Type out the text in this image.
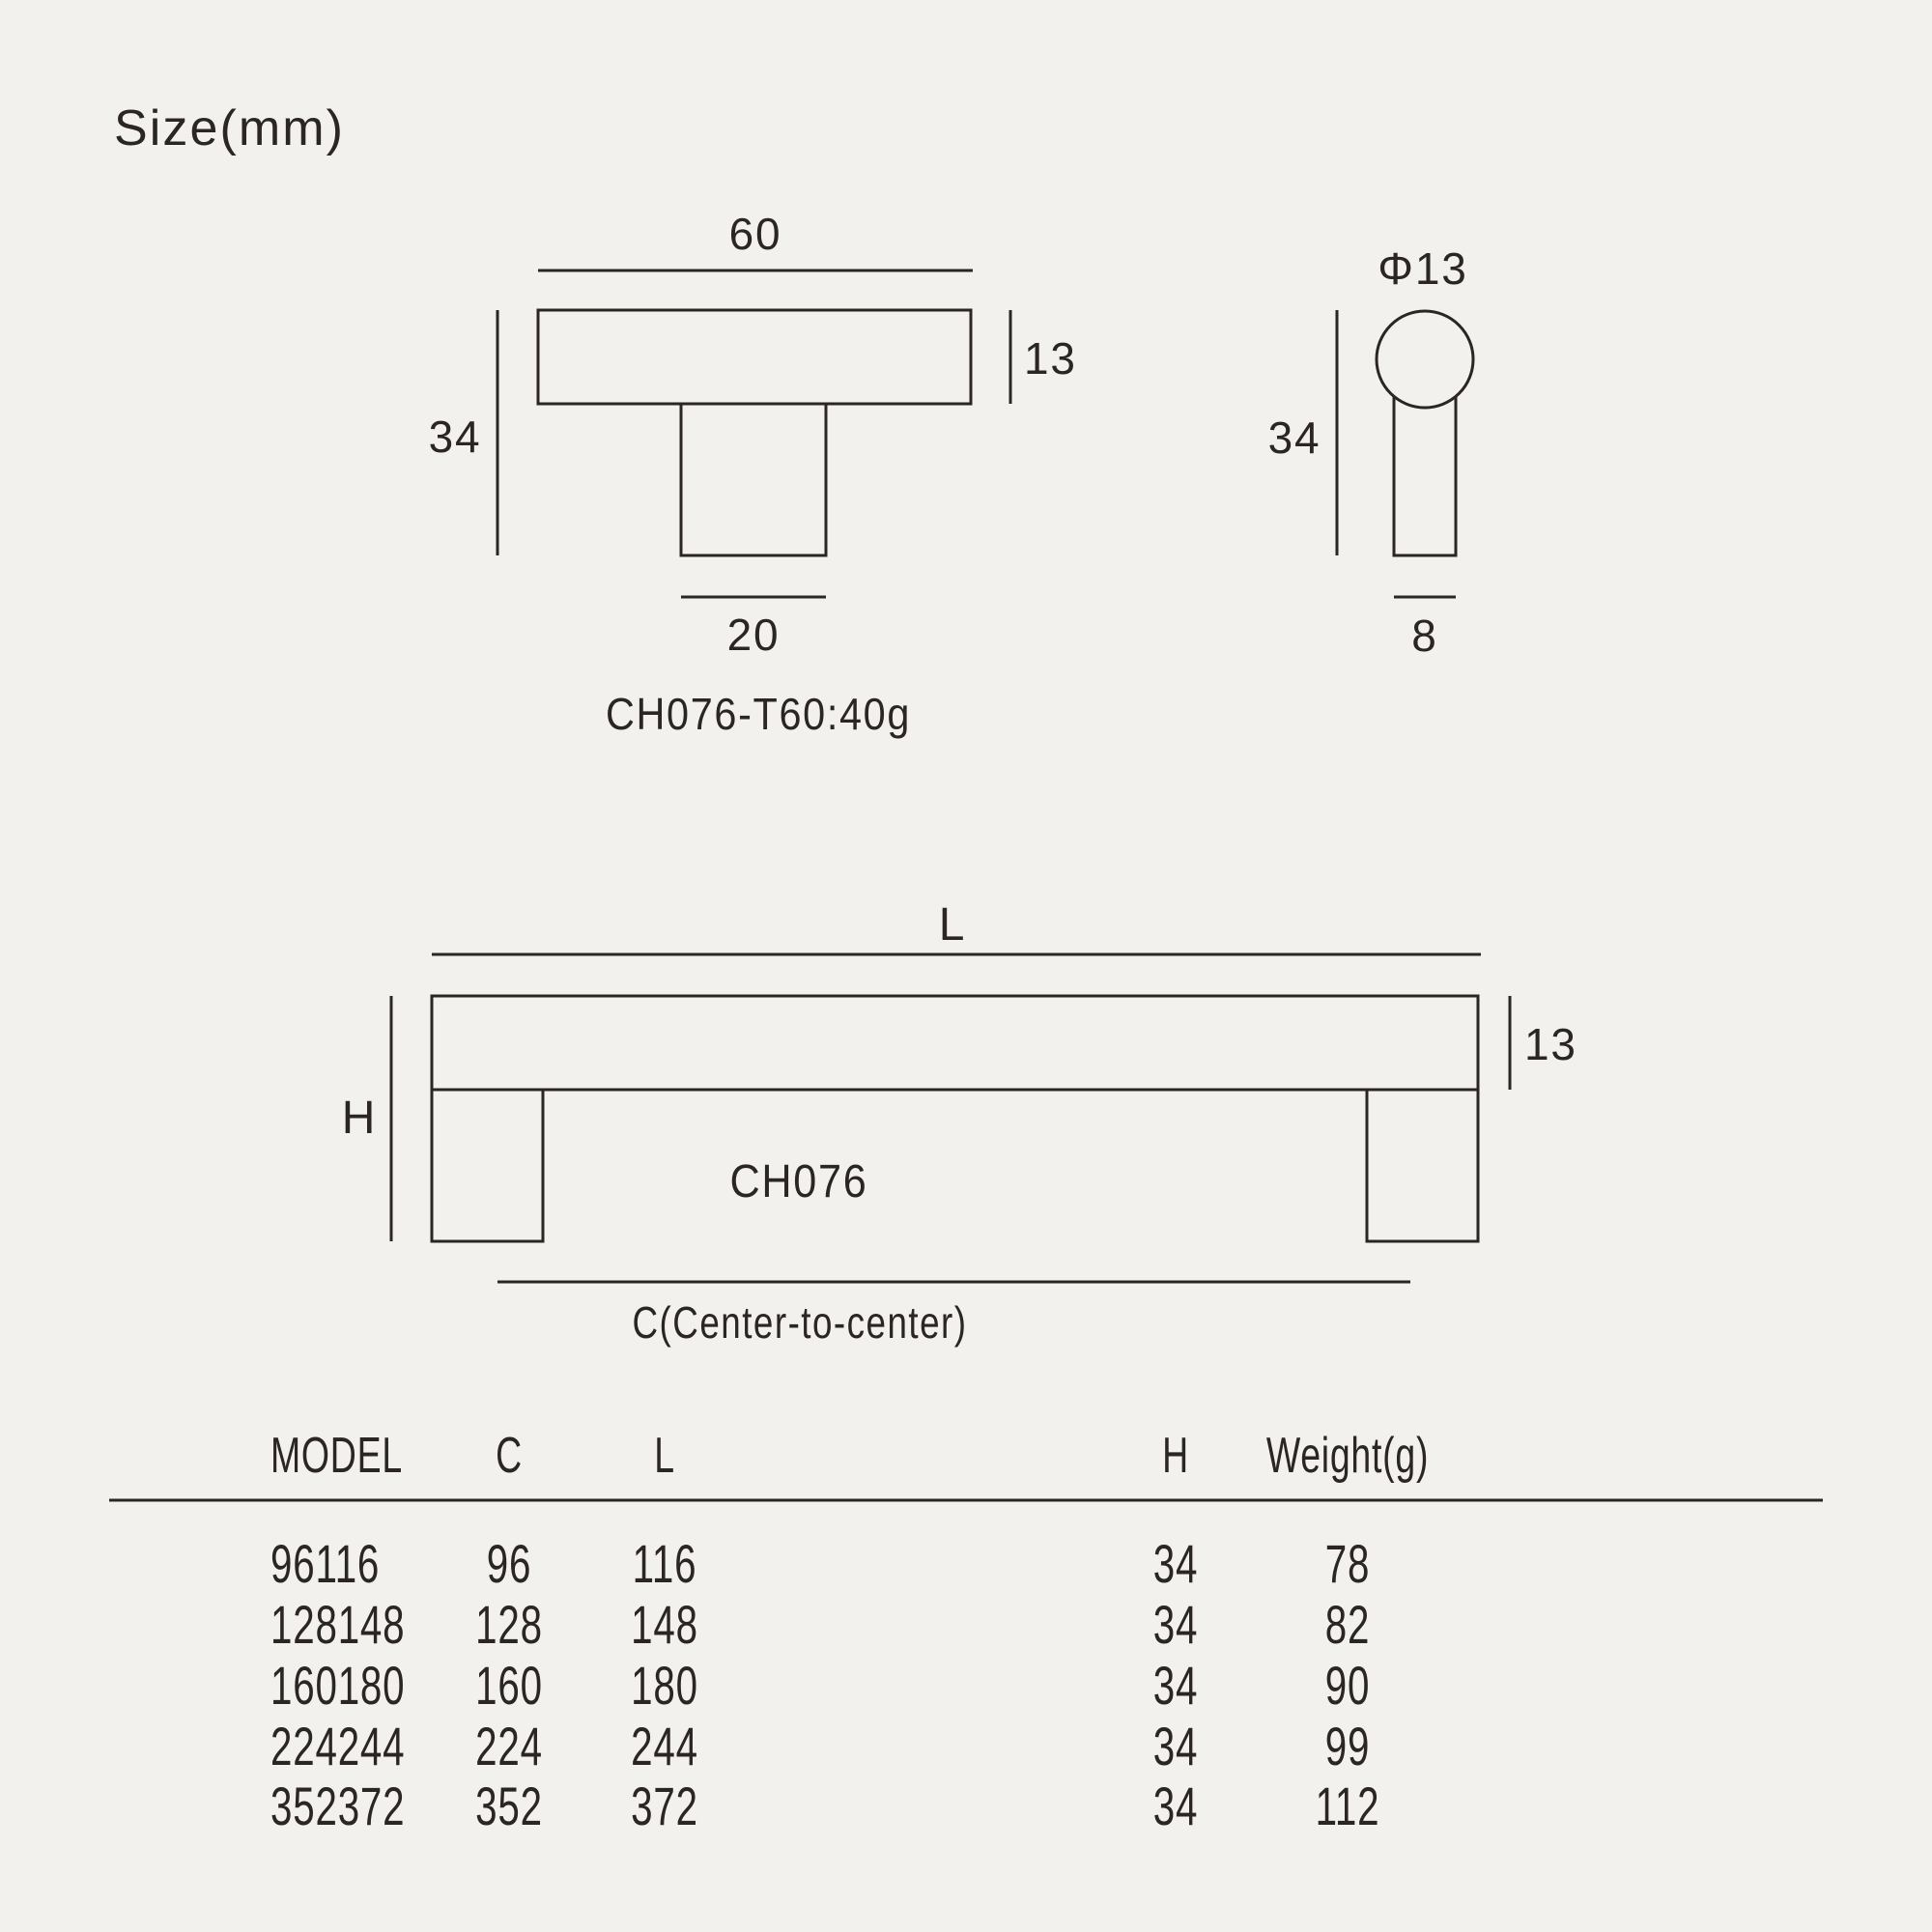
Size(mm)
60
13
34
20
CH076-T60:40g
Φ13
34
8
L
13
H
CH076
C(Center-to-center)
MODEL	C	L	H	Weight(g)
96116	96	116	34	78
128148	128	148	34	82
160180	160	180	34	90
224244	224	244	34	99
352372	352	372	34	112
